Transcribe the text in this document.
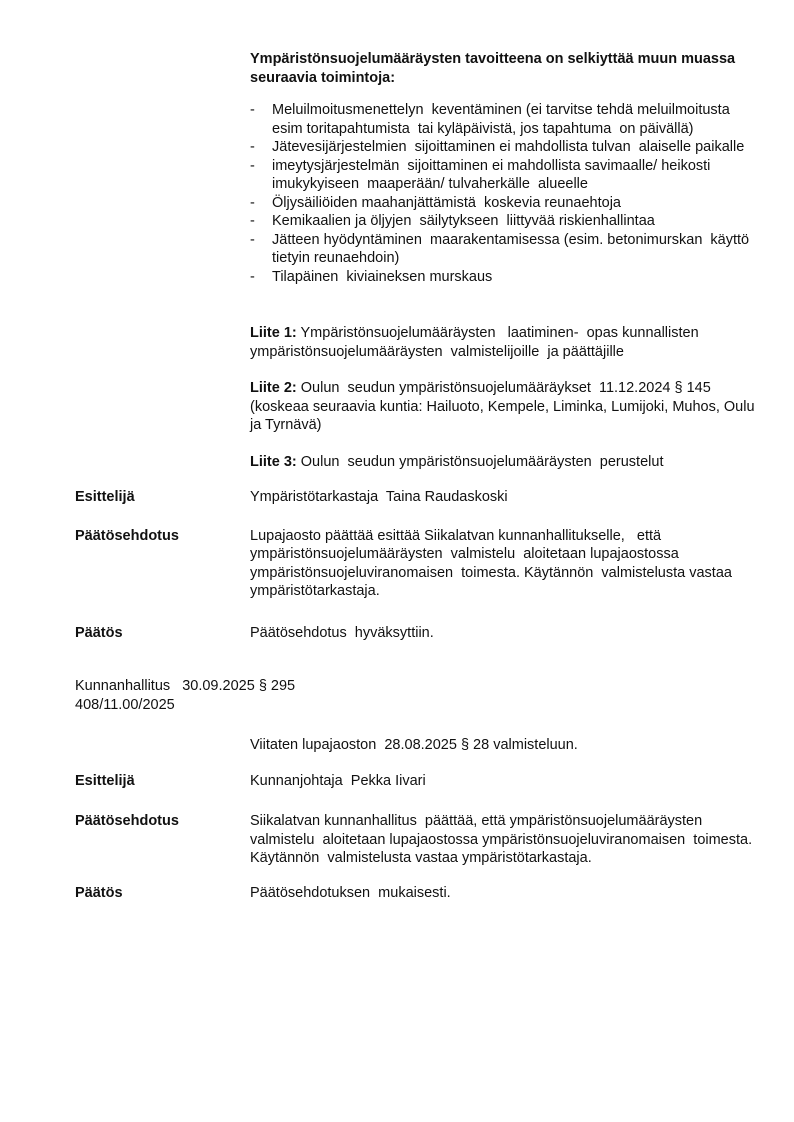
Ympäristönsuojelumääräysten tavoitteena on selkiyttää muun muassa seuraavia toimintoja:

-	Meluilmoitusmenettelyn  keventäminen (ei tarvitse tehdä meluilmoitusta  esim toritapahtumista  tai kyläpäivistä, jos tapahtuma  on päivällä)
-	Jätevesijärjestelmien  sijoittaminen ei mahdollista tulvan  alaiselle paikalle
-	imeytysjärjestelmän  sijoittaminen ei mahdollista savimaalle/ heikosti imukykyiseen  maaperään/ tulvaherkälle  alueelle
-	Öljysäiliöiden maahanjättämistä  koskevia reunaehtoja
-	Kemikaalien ja öljyjen  säilytykseen  liittyvää riskienhallintaa
-	Jätteen hyödyntäminen  maarakentamisessa (esim. betonimurskan  käyttö tietyin reunaehdoin)
-	Tilapäinen  kiviaineksen murskaus

Liite 1: Ympäristönsuojelumääräysten   laatiminen-  opas kunnallisten ympäristönsuojelumääräysten  valmistelijoille  ja päättäjille

Liite 2: Oulun  seudun ympäristönsuojelumääräykset  11.12.2024 § 145 (koskeaa seuraavia kuntia: Hailuoto, Kempele, Liminka, Lumijoki, Muhos, Oulu ja Tyrnävä)

Liite 3: Oulun  seudun ympäristönsuojelumääräysten  perustelut

Esittelijä	Ympäristötarkastaja  Taina Raudaskoski
Päätösehdotus	Lupajaosto päättää esittää Siikalatvan kunnanhallitukselle,   että ympäristönsuojelumääräysten  valmistelu  aloitetaan lupajaostossa ympäristönsuojeluviranomaisen  toimesta. Käytännön  valmistelusta vastaa ympäristötarkastaja.
Päätös	Päätösehdotus  hyväksyttiin.

Kunnanhallitus   30.09.2025 § 295

408/11.00/2025

Viitaten lupajaoston  28.08.2025 § 28 valmisteluun.
Esittelijä	Kunnanjohtaja  Pekka Iivari
Päätösehdotus	Siikalatvan kunnanhallitus  päättää, että ympäristönsuojelumääräysten  valmistelu  aloitetaan lupajaostossa ympäristönsuojeluviranomaisen  toimesta. Käytännön  valmistelusta vastaa ympäristötarkastaja.
Päätös	Päätösehdotuksen  mukaisesti.
